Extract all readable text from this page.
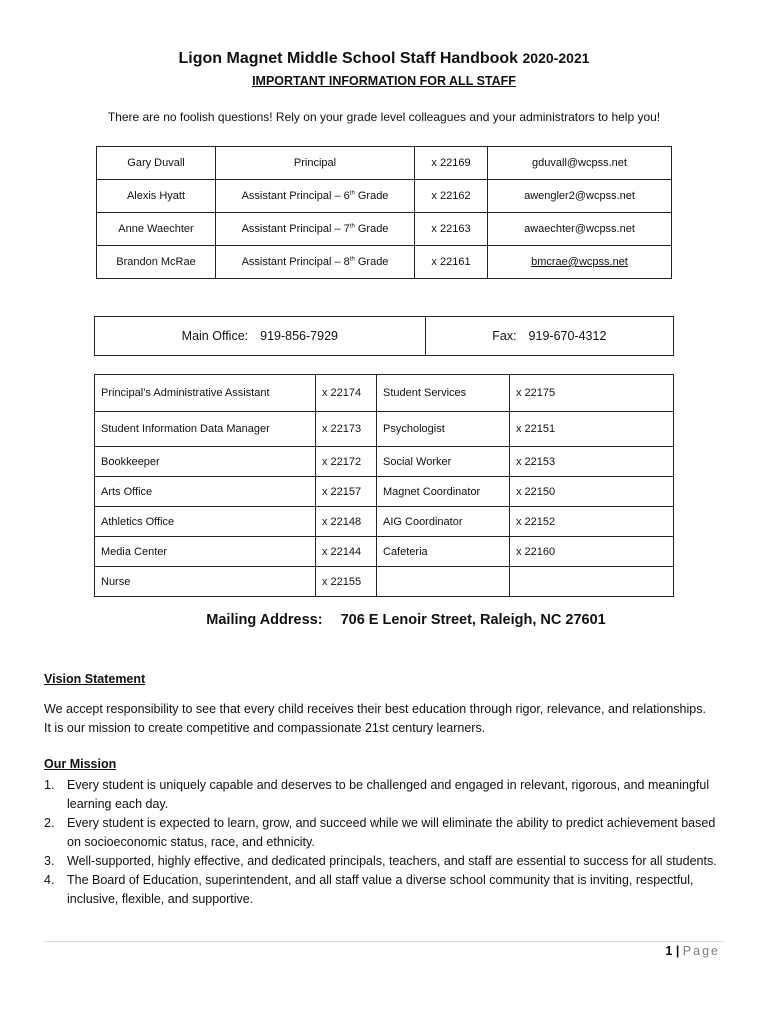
Ligon Magnet Middle School Staff Handbook 2020-2021
IMPORTANT INFORMATION FOR ALL STAFF
There are no foolish questions! Rely on your grade level colleagues and your administrators to help you!
Gary Duvall	Principal	x 22169	gduvall@wcpss.net
Alexis Hyatt	Assistant Principal – 6th Grade	x 22162	awengler2@wcpss.net
Anne Waechter	Assistant Principal – 7th Grade	x 22163	awaechter@wcpss.net
Brandon McRae	Assistant Principal – 8th Grade	x 22161	bmcrae@wcpss.net
Main Office: 919-856-7929	Fax: 919-670-4312
Principal’s Administrative Assistant	x 22174	Student Services	x 22175
Student Information Data Manager	x 22173	Psychologist	x 22151
Bookkeeper	x 22172	Social Worker	x 22153
Arts Office	x 22157	Magnet Coordinator	x 22150
Athletics Office	x 22148	AIG Coordinator	x 22152
Media Center	x 22144	Cafeteria	x 22160
Nurse	x 22155		
Mailing Address: 706 E Lenoir Street, Raleigh, NC 27601
Vision Statement
We accept responsibility to see that every child receives their best education through rigor, relevance, and relationships. It is our mission to create competitive and compassionate 21st century learners.
Our Mission
1. Every student is uniquely capable and deserves to be challenged and engaged in relevant, rigorous, and meaningful learning each day.
2. Every student is expected to learn, grow, and succeed while we will eliminate the ability to predict achievement based on socioeconomic status, race, and ethnicity.
3. Well-supported, highly effective, and dedicated principals, teachers, and staff are essential to success for all students.
4. The Board of Education, superintendent, and all staff value a diverse school community that is inviting, respectful, inclusive, flexible, and supportive.
1 | Page
